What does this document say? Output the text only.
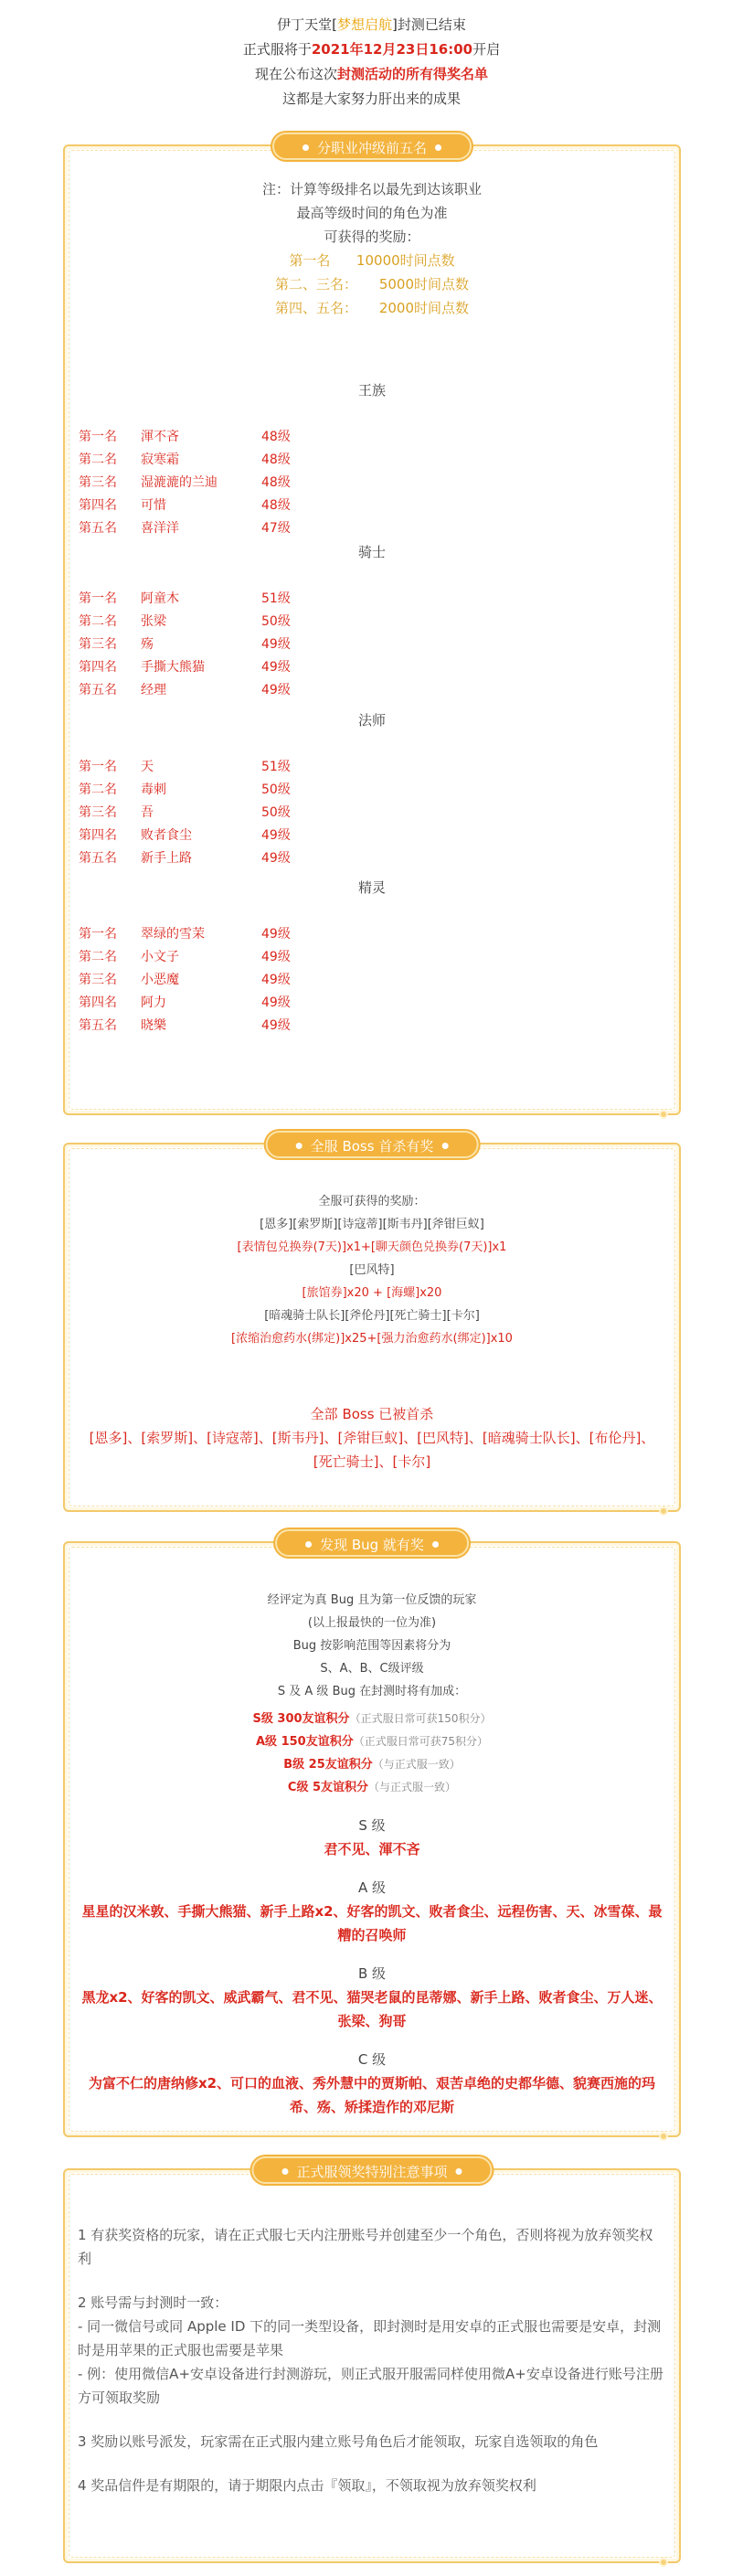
伊丁天堂[梦想启航]封测已结束
正式服将于2021年12月23日16:00开启
现在公布这次封测活动的所有得奖名单
这都是大家努力肝出来的成果
分职业冲级前五名
注：计算等级排名以最先到达该职业
最高等级时间的角色为准
可获得的奖励：
第一名      10000时间点数
第二、三名：     5000时间点数
第四、五名：     2000时间点数
王族
第一名 渾不吝	48级
第二名 寂寒霜	48级
第三名 湿漉漉的兰迪	48级
第四名 可惜	48级
第五名 喜洋洋	47级
骑士
第一名 阿童木	51级
第二名 张梁	50级
第三名 殇	49级
第四名 手撕大熊猫	49级
第五名 经理	49级
法师
第一名 天	51级
第二名 毒刺	50级
第三名 吾	50级
第四名 败者食尘	49级
第五名 新手上路	49级
精灵
第一名 翠绿的雪茉	49级
第二名 小文子	49级
第三名 小恶魔	49级
第四名 阿力	49级
第五名 晓樂	49级
全服 Boss 首杀有奖
全服可获得的奖励：
[恩多][索罗斯][诗寇蒂][斯韦丹][斧钳巨蚁]
[表情包兑换券(7天)]x1+[聊天颜色兑换券(7天)]x1
[巴风特]
[旅馆券]x20 + [海螺]x20
[暗魂骑士队长][斧伦丹][死亡骑士][卡尔]
[浓缩治愈药水(绑定)]x25+[强力治愈药水(绑定)]x10
全部 Boss 已被首杀
[恩多]、[索罗斯]、[诗寇蒂]、[斯韦丹]、[斧钳巨蚁]、[巴风特]、[暗魂骑士队长]、[布伦丹]、[死亡骑士]、[卡尔]
发现 Bug 就有奖
经评定为真 Bug 且为第一位反馈的玩家
(以上报最快的一位为准)
Bug 按影响范围等因素将分为
S、A、B、C级评级
S 及 A 级 Bug 在封测时将有加成：
S级 300友谊积分（正式服日常可获150积分）
A级 150友谊积分（正式服日常可获75积分）
B级 25友谊积分（与正式服一致）
C级 5友谊积分（与正式服一致）
S 级
君不见、渾不吝
A 级
星星的汉米敦、手撕大熊猫、新手上路x2、好客的凯文、败者食尘、远程伤害、天、冰雪葆、最糟的召唤师
B 级
黑龙x2、好客的凯文、威武霸气、君不见、猫哭老鼠的昆蒂娜、新手上路、败者食尘、万人迷、张梁、狗哥
C 级
为富不仁的唐纳修x2、可口的血液、秀外慧中的贾斯帕、艰苦卓绝的史都华德、貌赛西施的玛希、殇、矫揉造作的邓尼斯
正式服领奖特别注意事项
1 有获奖资格的玩家，请在正式服七天内注册账号并创建至少一个角色，否则将视为放弃领奖权利
2 账号需与封测时一致：
- 同一微信号或同 Apple ID 下的同一类型设备，即封测时是用安卓的正式服也需要是安卓，封测时是用苹果的正式服也需要是苹果
- 例：使用微信A+安卓设备进行封测游玩，则正式服开服需同样使用微A+安卓设备进行账号注册方可领取奖励
3 奖励以账号派发，玩家需在正式服内建立账号角色后才能领取，玩家自选领取的角色
4 奖品信件是有期限的，请于期限内点击『领取』，不领取视为放弃领奖权利
